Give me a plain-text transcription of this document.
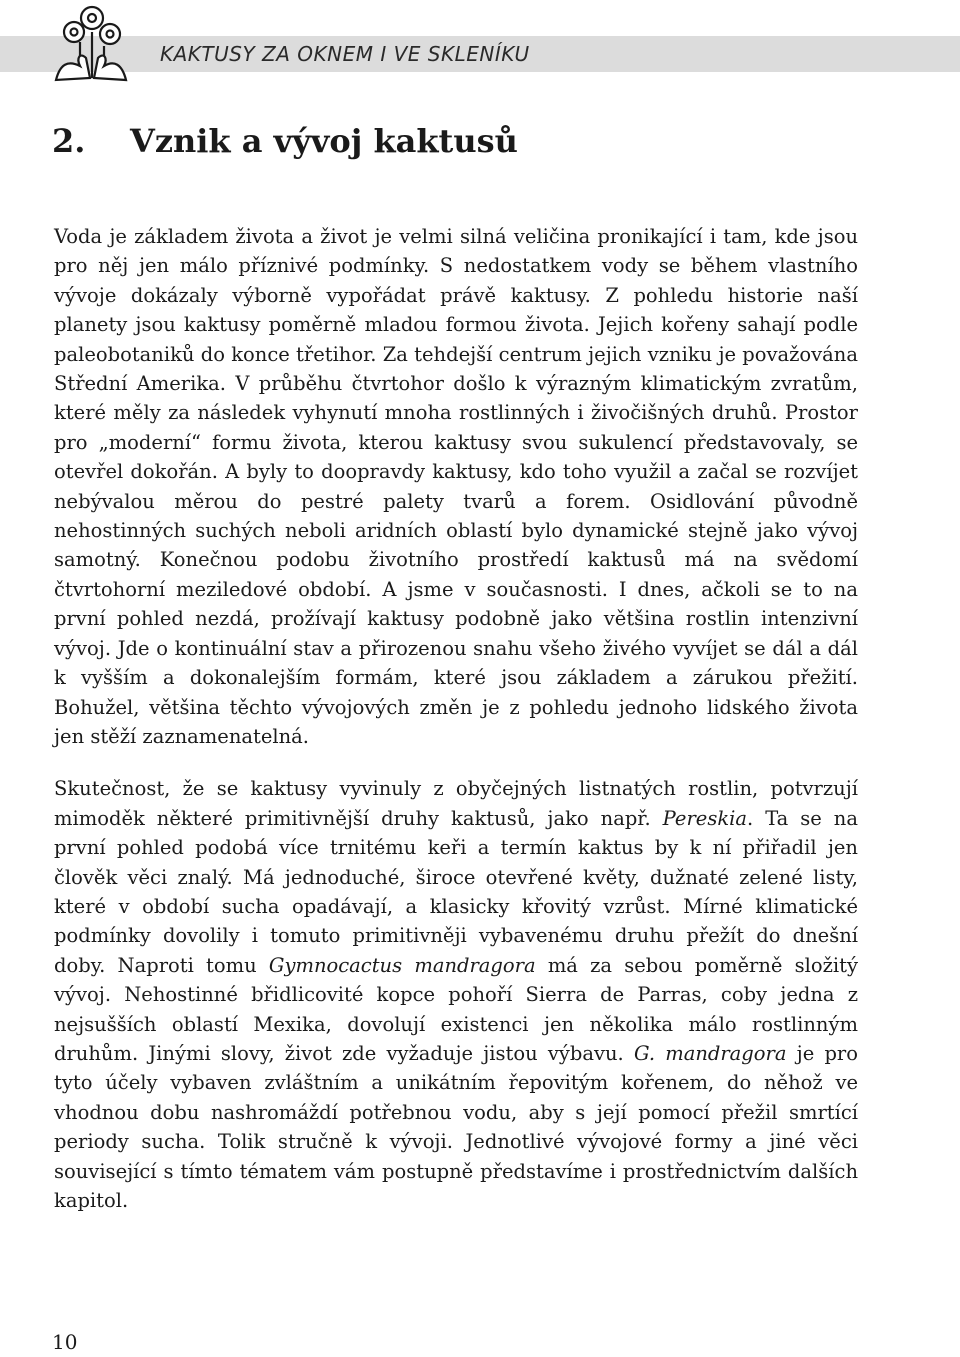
KAKTUSY ZA OKNEM I VE SKLENÍKU
2. Vznik a vývoj kaktusů

Voda je základem života a život je velmi silná veličina pronikající i tam, kde jsou pro něj jen málo příznivé podmínky. S nedostatkem vody se během vlastního vývoje dokázaly výborně vypořádat právě kaktusy. Z pohledu historie naší planety jsou kaktusy poměrně mladou formou života. Jejich kořeny sahají podle paleobotaniků do konce třetihor. Za tehdejší centrum jejich vzniku je považována Střední Amerika. V průběhu čtvrtohor došlo k výrazným klimatickým zvratům, které měly za následek vyhynutí mnoha rostlinných i živočišných druhů. Prostor pro „moderní“ formu života, kterou kaktusy svou sukulencí představovaly, se otevřel dokořán. A byly to doopravdy kaktusy, kdo toho využil a začal se rozvíjet nebývalou měrou do pestré palety tvarů a forem. Osidlování původně nehostinných suchých neboli aridních oblastí bylo dynamické stejně jako vývoj samotný. Konečnou podobu životního prostředí kaktusů má na svědomí čtvrtohorní meziledové období. A jsme v současnosti. I dnes, ačkoli se to na první pohled nezdá, prožívají kaktusy podobně jako většina rostlin intenzivní vývoj. Jde o kontinuální stav a přirozenou snahu všeho živého vyvíjet se dál a dál k vyšším a dokonalejším formám, které jsou základem a zárukou přežití. Bohužel, většina těchto vývojových změn je z pohledu jednoho lidského života jen stěží zaznamenatelná.

Skutečnost, že se kaktusy vyvinuly z obyčejných listnatých rostlin, potvrzují mimoděk některé primitivnější druhy kaktusů, jako např. Pereskia. Ta se na první pohled podobá více trnitému keři a termín kaktus by k ní přiřadil jen člověk věci znalý. Má jednoduché, široce otevřené květy, dužnaté zelené listy, které v období sucha opadávají, a klasicky křovitý vzrůst. Mírné klimatické podmínky dovolily i tomuto primitivněji vybavenému druhu přežít do dnešní doby. Naproti tomu Gymnocactus mandragora má za sebou poměrně složitý vývoj. Nehostinné břidlicovité kopce pohoří Sierra de Parras, coby jedna z nejsušších oblastí Mexika, dovolují existenci jen několika málo rostlinným druhům. Jinými slovy, život zde vyžaduje jistou výbavu. G. mandragora je pro tyto účely vybaven zvláštním a unikátním řepovitým kořenem, do něhož ve vhodnou dobu nashromáždí potřebnou vodu, aby s její pomocí přežil smrtící periody sucha. Tolik stručně k vývoji. Jednotlivé vývojové formy a jiné věci související s tímto tématem vám postupně představíme i prostřednictvím dalších kapitol.

10
